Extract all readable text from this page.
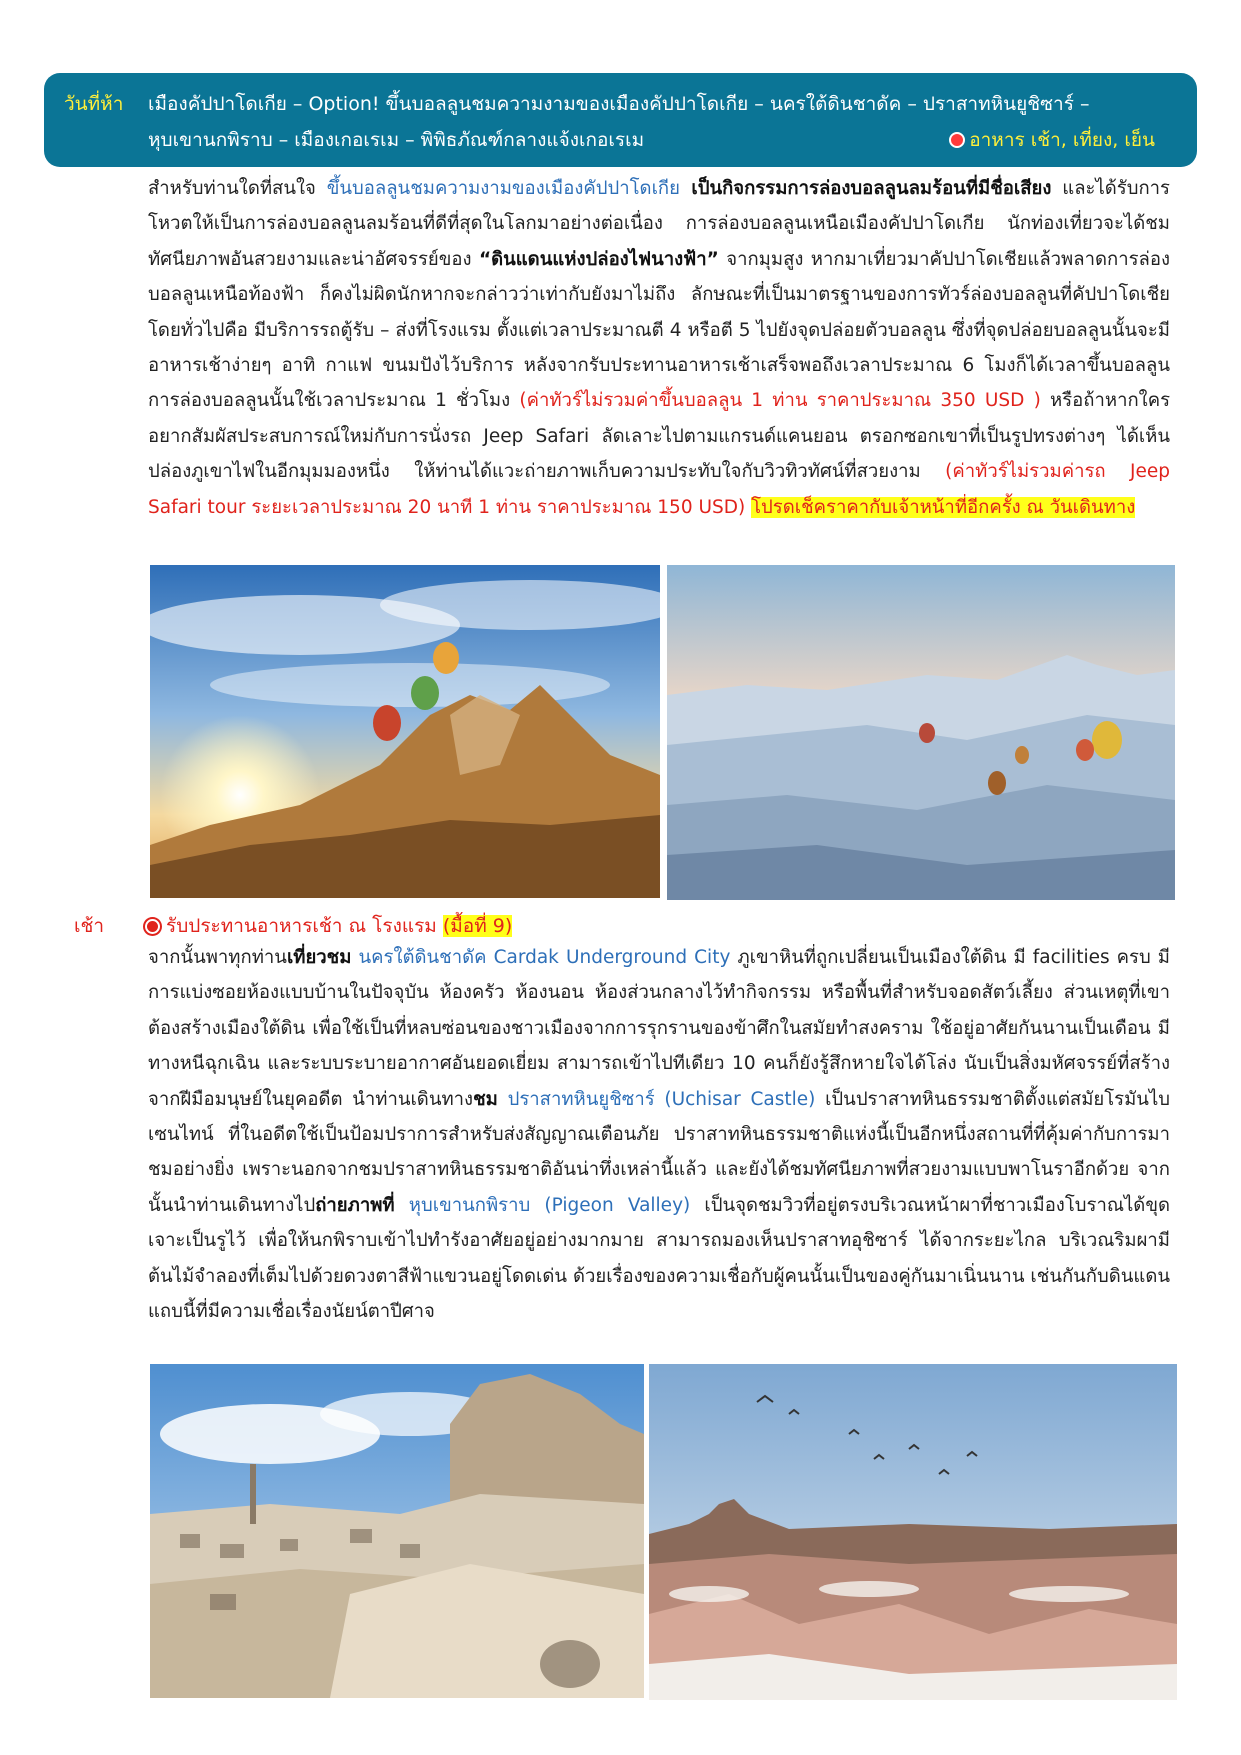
วันที่ห้า เมืองคัปปาโดเกีย – Option! ขึ้นบอลลูนชมความงามของเมืองคัปปาโดเกีย – นครใต้ดินชาดัค – ปราสาทหินยูชิซาร์ –
หุบเขานกพิราบ – เมืองเกอเรเม – พิพิธภัณฑ์กลางแจ้งเกอเรเม	อาหาร เช้า, เที่ยง, เย็น
สำหรับท่านใดที่สนใจ ขึ้นบอลลูนชมความงามของเมืองคัปปาโดเกีย เป็นกิจกรรมการล่องบอลลูนลมร้อนที่มีชื่อเสียง และได้รับการโหวตให้เป็นการล่องบอลลูนลมร้อนที่ดีที่สุดในโลกมาอย่างต่อเนื่อง การล่องบอลลูนเหนือเมืองคัปปาโดเกีย นักท่องเที่ยวจะได้ชมทัศนียภาพอันสวยงามและน่าอัศจรรย์ของ “ดินแดนแห่งปล่องไฟนางฟ้า” จากมุมสูง หากมาเที่ยวมาคัปปาโดเชียแล้วพลาดการล่องบอลลูนเหนือท้องฟ้า ก็คงไม่ผิดนักหากจะกล่าวว่าเท่ากับยังมาไม่ถึง ลักษณะที่เป็นมาตรฐานของการทัวร์ล่องบอลลูนที่คัปปาโดเชียโดยทั่วไปคือ มีบริการรถตู้รับ – ส่งที่โรงแรม ตั้งแต่เวลาประมาณตี 4 หรือตี 5 ไปยังจุดปล่อยตัวบอลลูน ซึ่งที่จุดปล่อยบอลลูนนั้นจะมีอาหารเช้าง่ายๆ อาทิ กาแฟ ขนมปังไว้บริการ หลังจากรับประทานอาหารเช้าเสร็จพอถึงเวลาประมาณ 6 โมงก็ได้เวลาขึ้นบอลลูน การล่องบอลลูนนั้นใช้เวลาประมาณ 1 ชั่วโมง (ค่าทัวร์ไม่รวมค่าขึ้นบอลลูน 1 ท่าน ราคาประมาณ 350 USD ) หรือถ้าหากใครอยากสัมผัสประสบการณ์ใหม่กับการนั่งรถ Jeep Safari ลัดเลาะไปตามแกรนด์แคนยอน ตรอกซอกเขาที่เป็นรูปทรงต่างๆ ได้เห็นปล่องภูเขาไฟในอีกมุมมองหนึ่ง ให้ท่านได้แวะถ่ายภาพเก็บความประทับใจกับวิวทิวทัศน์ที่สวยงาม (ค่าทัวร์ไม่รวมค่ารถ Jeep Safari tour ระยะเวลาประมาณ 20 นาที 1 ท่าน ราคาประมาณ 150 USD) โปรดเช็คราคากับเจ้าหน้าที่อีกครั้ง ณ วันเดินทาง
เช้า	รับประทานอาหารเช้า ณ โรงแรม (มื้อที่ 9)
จากนั้นพาทุกท่านเที่ยวชม นครใต้ดินชาดัค Cardak Underground City ภูเขาหินที่ถูกเปลี่ยนเป็นเมืองใต้ดิน มี facilities ครบ มีการแบ่งซอยห้องแบบบ้านในปัจจุบัน ห้องครัว ห้องนอน ห้องส่วนกลางไว้ทำกิจกรรม หรือพื้นที่สำหรับจอดสัตว์เลี้ยง ส่วนเหตุที่เขาต้องสร้างเมืองใต้ดิน เพื่อใช้เป็นที่หลบซ่อนของชาวเมืองจากการรุกรานของข้าศึกในสมัยทำสงคราม ใช้อยู่อาศัยกันนานเป็นเดือน มีทางหนีฉุกเฉิน และระบบระบายอากาศอันยอดเยี่ยม สามารถเข้าไปทีเดียว 10 คนก็ยังรู้สึกหายใจได้โล่ง นับเป็นสิ่งมหัศจรรย์ที่สร้างจากฝีมือมนุษย์ในยุคอดีต นำท่านเดินทางชม ปราสาทหินยูชิซาร์ (Uchisar Castle) เป็นปราสาทหินธรรมชาติตั้งแต่สมัยโรมันไบเซนไทน์ ที่ในอดีตใช้เป็นป้อมปราการสำหรับส่งสัญญาณเตือนภัย ปราสาทหินธรรมชาติแห่งนี้เป็นอีกหนึ่งสถานที่ที่คุ้มค่ากับการมาชมอย่างยิ่ง เพราะนอกจากชมปราสาทหินธรรมชาติอันน่าทึ่งเหล่านี้แล้ว และยังได้ชมทัศนียภาพที่สวยงามแบบพาโนราอีกด้วย จากนั้นนำท่านเดินทางไปถ่ายภาพที่ หุบเขานกพิราบ (Pigeon Valley) เป็นจุดชมวิวที่อยู่ตรงบริเวณหน้าผาที่ชาวเมืองโบราณได้ขุดเจาะเป็นรูไว้ เพื่อให้นกพิราบเข้าไปทำรังอาศัยอยู่อย่างมากมาย สามารถมองเห็นปราสาทอุชิซาร์ ได้จากระยะไกล บริเวณริมผามีต้นไม้จำลองที่เต็มไปด้วยดวงตาสีฟ้าแขวนอยู่โดดเด่น ด้วยเรื่องของความเชื่อกับผู้คนนั้นเป็นของคู่กันมาเนิ่นนาน เช่นกันกับดินแดนแถบนี้ที่มีความเชื่อเรื่องนัยน์ตาปีศาจ
